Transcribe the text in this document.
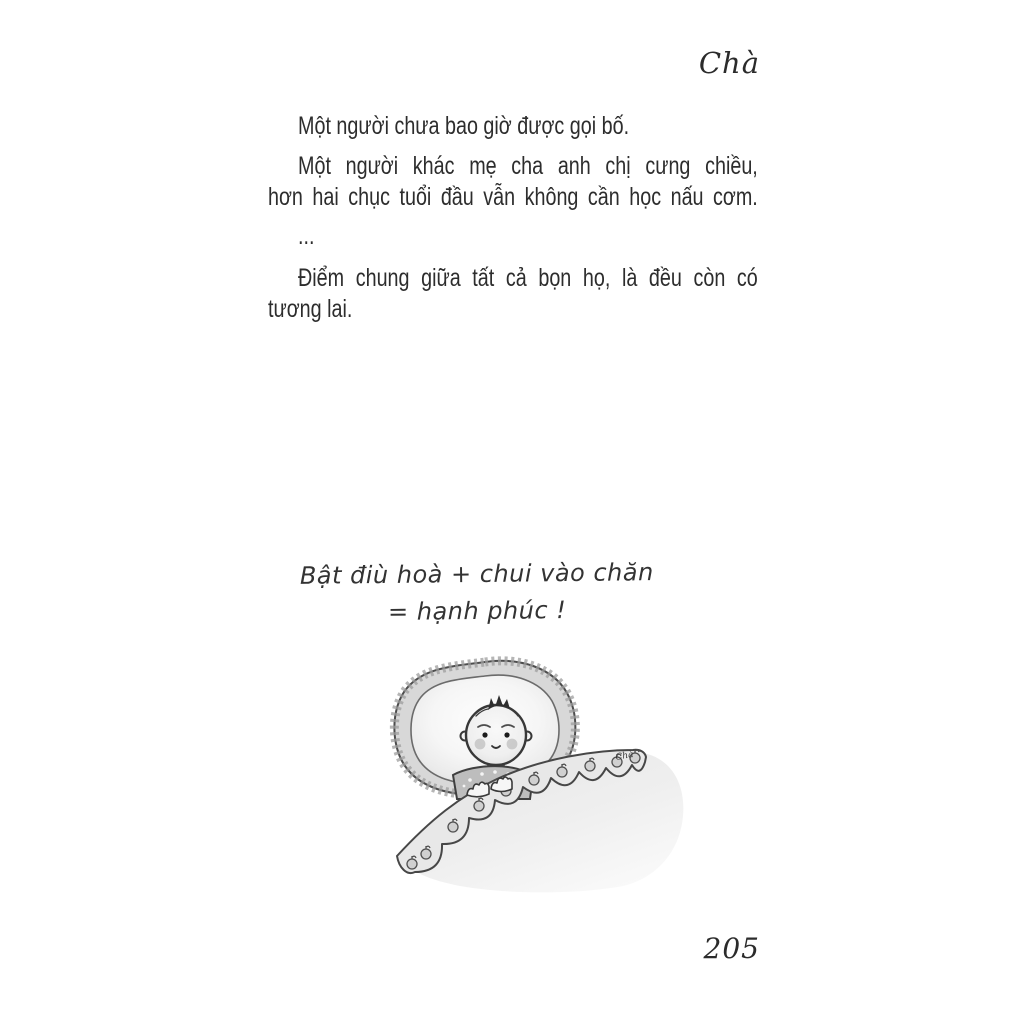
Chà
Một người chưa bao giờ được gọi bố.
Một người khác mẹ cha anh chị cưng chiều,
hơn hai chục tuổi đầu vẫn không cần học nấu cơm.
...
Điểm chung giữa tất cả bọn họ, là đều còn có
tương lai.
Bật điù hoà + chui vào chăn
= hạnh phúc !
Chà
205
